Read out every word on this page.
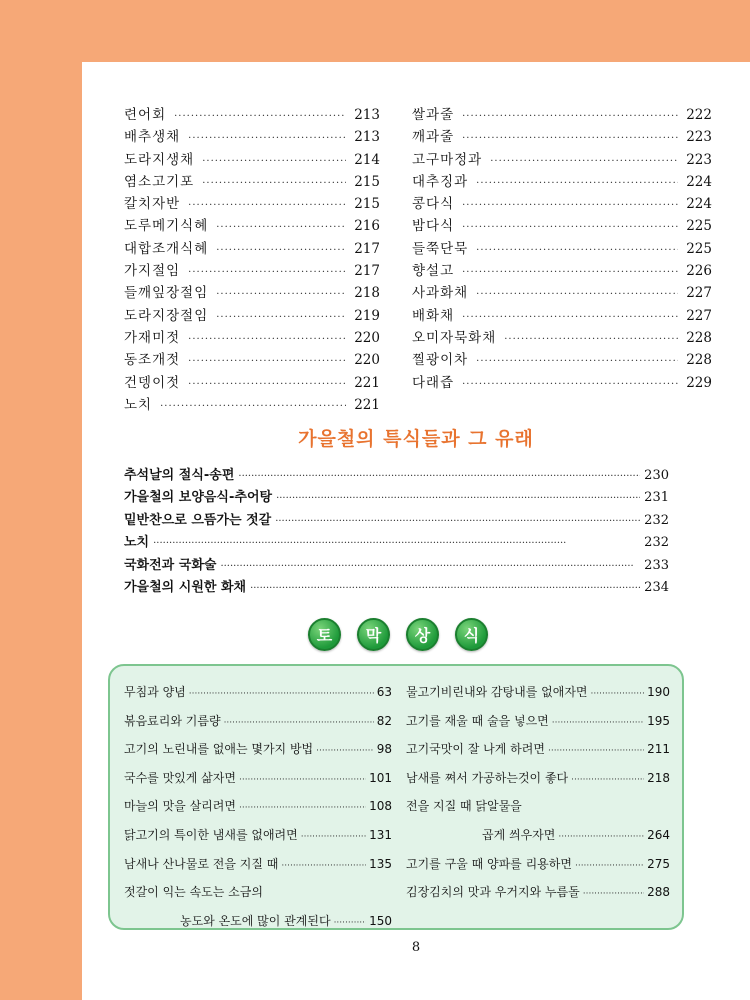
련어회 ·····	213
배추생채 ·····	213
도라지생채 ·····	214
염소고기포 ·····	215
칼치자반 ·····	215
도루메기식혜 ·····	216
대합조개식혜 ·····	217
가지절임 ·····	217
들깨잎장절임 ·····	218
도라지장절임 ·····	219
가재미젓 ·····	220
동조개젓 ·····	220
건뎅이젓 ·····	221
노치 ·····	221
쌀과줄 ·····	222
깨과줄 ·····	223
고구마정과 ·····	223
대추징과 ·····	224
콩다식 ·····	224
밤다식 ·····	225
들쭉단묵 ·····	225
향설고 ·····	226
사과화채 ·····	227
배화채 ·····	227
오미자묵화채 ·····	228
찔광이차 ·····	228
다래즙 ·····	229
가을철의 특식들과 그 유래
추석날의 절식-송편 ·····	230
가을철의 보양음식-추어탕 ·····	231
밑반찬으로 으뜸가는 젓갈 ·····	232
노치 ·····	232
국화전과 국화술 ·····	233
가을철의 시원한 화채 ·····	234
토	막	상	식
무침과 양념 ·····	63
볶음료리와 기름량 ·····	82
고기의 노린내를 없애는 몇가지 방법 ·····	98
국수를 맛있게 삶자면 ·····	101
마늘의 맛을 살리려면 ·····	108
닭고기의 특이한 냄새를 없애려면 ·····	131
남새나 산나물로 전을 지질 때 ·····	135
젓갈이 익는 속도는 소금의
농도와 온도에 많이 관계된다 ·····	150
물고기비린내와 감탕내를 없애자면 ·····	190
고기를 재울 때 술을 넣으면 ·····	195
고기국맛이 잘 나게 하려면 ·····	211
남새를 쪄서 가공하는것이 좋다 ·····	218
전을 지질 때 닭알물을
곱게 씌우자면 ·····	264
고기를 구울 때 양파를 리용하면 ·····	275
김장김치의 맛과 우거지와 누름돌 ·····	288
8
